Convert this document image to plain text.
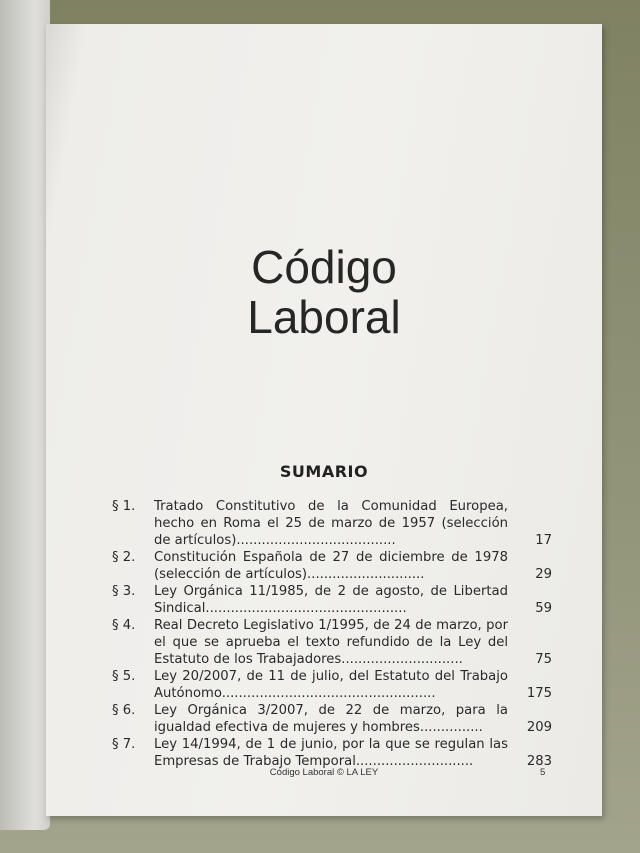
Código
Laboral
SUMARIO
§ 1.	Tratado Constitutivo de la Comunidad Europea, hecho en Roma el 25 de marzo de 1957 (selección de artículos)......................................	17
§ 2.	Constitución Española de 27 de diciembre de 1978 (selección de artículos)............................	29
§ 3.	Ley Orgánica 11/1985, de 2 de agosto, de Libertad Sindical................................................	59
§ 4.	Real Decreto Legislativo 1/1995, de 24 de marzo, por el que se aprueba el texto refundido de la Ley del Estatuto de los Trabajadores.............................	75
§ 5.	Ley 20/2007, de 11 de julio, del Estatuto del Trabajo Autónomo...................................................	175
§ 6.	Ley Orgánica 3/2007, de 22 de marzo, para la igualdad efectiva de mujeres y hombres...............	209
§ 7.	Ley 14/1994, de 1 de junio, por la que se regulan las Empresas de Trabajo Temporal............................	283
Código Laboral © LA LEY	5
